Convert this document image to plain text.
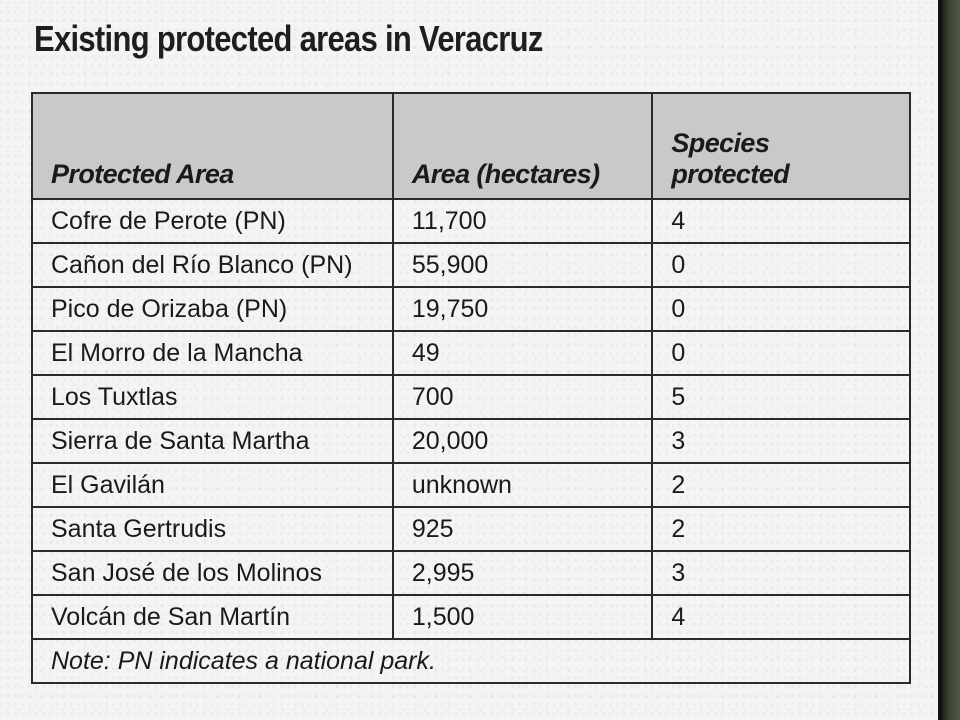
Existing protected areas in Veracruz
Protected Area	Area (hectares)	Species
protected
Cofre de Perote (PN)	11,700	4
Cañon del Río Blanco (PN)	55,900	0
Pico de Orizaba (PN)	19,750	0
El Morro de la Mancha	49	0
Los Tuxtlas	700	5
Sierra de Santa Martha	20,000	3
El Gavilán	unknown	2
Santa Gertrudis	925	2
San José de los Molinos	2,995	3
Volcán de San Martín	1,500	4
Note: PN indicates a national park.		
